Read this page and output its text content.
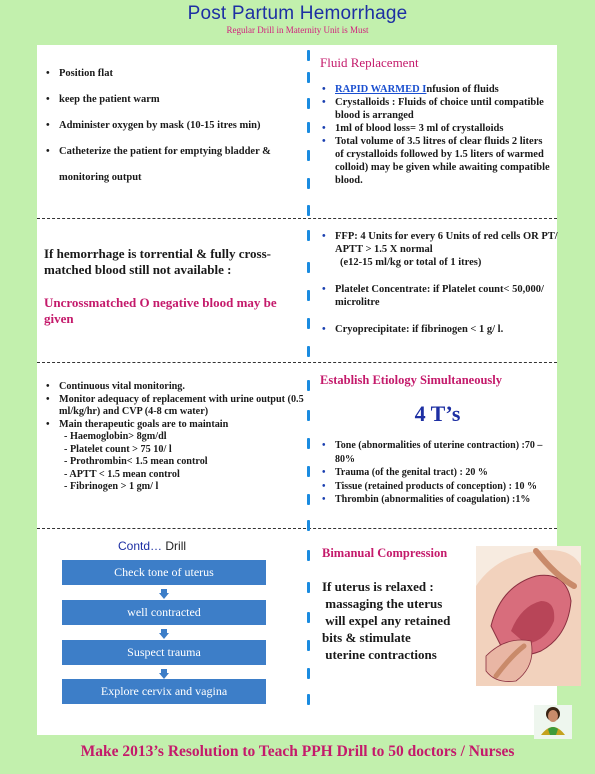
Post Partum Hemorrhage
Regular Drill in Maternity Unit is Must
• Position flat
• keep the patient warm
• Administer oxygen by mask (10-15 itres min)
• Catheterize the patient for emptying bladder &
monitoring output
Fluid Replacement
• RAPID WARMED Infusion of fluids
• Crystalloids : Fluids of choice until compatible blood is arranged
• 1ml of blood loss= 3 ml of crystalloids
• Total volume of 3.5 litres of clear fluids 2 liters of crystalloids followed by 1.5 liters of warmed colloid) may be given while awaiting compatible blood.
If hemorrhage is torrential & fully cross-matched blood still not available :
Uncrossmatched O negative blood may be given
• FFP: 4 Units for every 6 Units of red cells OR PT/ APTT > 1.5 X normal
(e12-15 ml/kg or total of 1 itres)
• Platelet Concentrate: if Platelet count< 50,000/ microlitre
• Cryoprecipitate: if fibrinogen < 1 g/ l.
• Continuous vital monitoring.
• Monitor adequacy of replacement with urine output (0.5 ml/kg/hr) and CVP (4-8 cm water)
• Main therapeutic goals are to maintain
- Haemoglobin> 8gm/dl
- Platelet count > 75 10/ l
- Prothrombin< 1.5 mean control
- APTT < 1.5 mean control
- Fibrinogen > 1 gm/ l
Establish Etiology Simultaneously
4 T’s
• Tone (abnormalities of uterine contraction) :70 – 80%
• Trauma (of the genital tract) : 20 %
• Tissue (retained products of conception) : 10 %
• Thrombin (abnormalities of coagulation) :1%
Contd… Drill
Check tone of uterus
well contracted
Suspect trauma
Explore cervix and vagina
Bimanual Compression
If uterus is relaxed :
massaging the uterus
will expel any retained
bits & stimulate
uterine contractions
Make 2013’s Resolution to Teach PPH Drill to 50 doctors / Nurses
